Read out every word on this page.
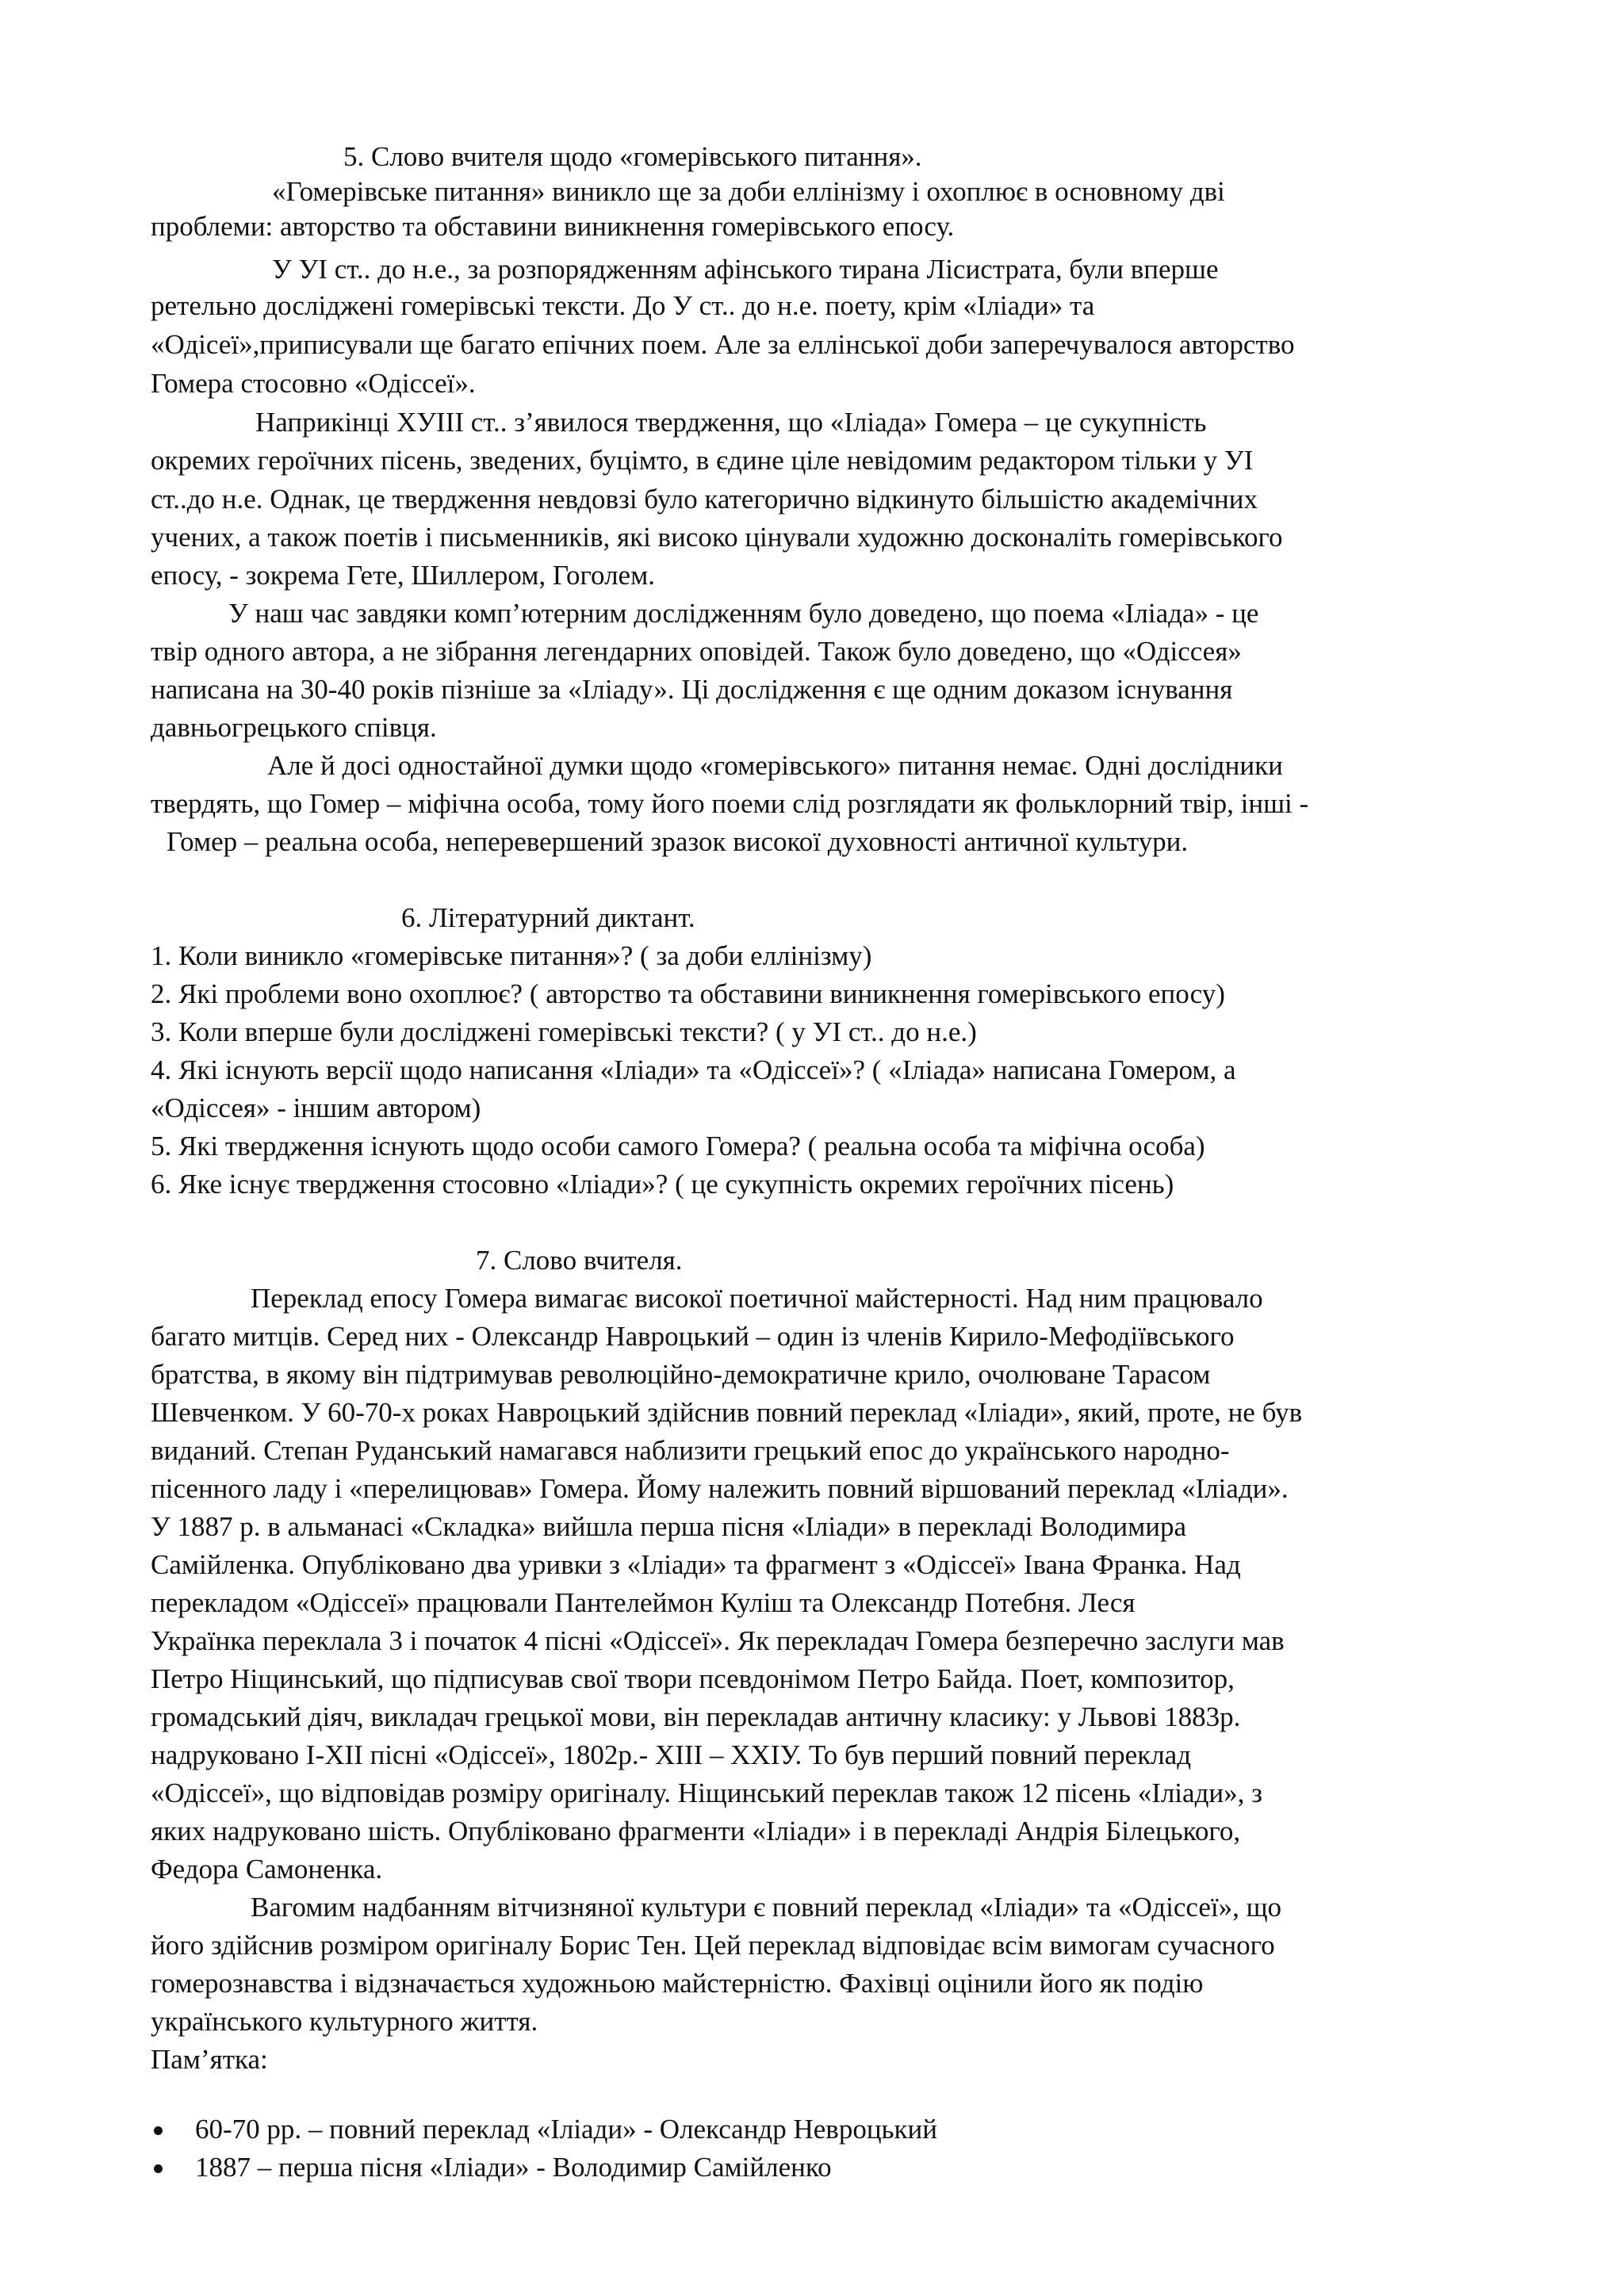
5. Слово вчителя щодо «гомерівського питання».
«Гомерівське питання» виникло ще за доби еллінізму і охоплює в основному дві
проблеми: авторство та обставини виникнення гомерівського епосу.
У УІ ст.. до н.е., за розпорядженням афінського тирана Лісистрата, були вперше
ретельно досліджені гомерівські тексти. До У ст.. до н.е. поету, крім «Іліади» та
«Одісеї»,приписували ще багато епічних поем. Але за еллінської доби заперечувалося авторство
Гомера стосовно «Одіссеї».
Наприкінці ХУІІІ ст.. з’явилося твердження, що «Іліада» Гомера – це сукупність
окремих героїчних пісень, зведених, буцімто, в єдине ціле невідомим редактором тільки у УІ
ст..до н.е. Однак, це твердження невдовзі було категорично відкинуто більшістю академічних
учених, а також поетів і письменників, які високо цінували художню досконаліть гомерівського
епосу, - зокрема Гете, Шиллером, Гоголем.
У наш час завдяки комп’ютерним дослідженням було доведено, що поема «Іліада» - це
твір одного автора, а не зібрання легендарних оповідей. Також було доведено, що «Одіссея»
написана на 30-40 років пізніше за «Іліаду». Ці дослідження є ще одним доказом існування
давньогрецького співця.
Але й досі одностайної думки щодо «гомерівського» питання немає. Одні дослідники
твердять, що Гомер – міфічна особа, тому його поеми слід розглядати як фольклорний твір, інші -
Гомер – реальна особа, неперевершений зразок високої духовності античної культури.
6. Літературний диктант.
1. Коли виникло «гомерівське питання»? ( за доби еллінізму)
2. Які проблеми воно охоплює? ( авторство та обставини виникнення гомерівського епосу)
3. Коли вперше були досліджені гомерівські тексти? ( у УІ ст.. до н.е.)
4. Які існують версії щодо написання «Іліади» та «Одіссеї»? ( «Іліада» написана Гомером, а
«Одіссея» - іншим автором)
5. Які твердження існують щодо особи самого Гомера? ( реальна особа та міфічна особа)
6. Яке існує твердження стосовно «Іліади»? ( це сукупність окремих героїчних пісень)
7. Слово вчителя.
Переклад епосу Гомера вимагає високої поетичної майстерності. Над ним працювало
багато митців. Серед них - Олександр Навроцький – один із членів Кирило-Мефодіївського
братства, в якому він підтримував революційно-демократичне крило, очолюване Тарасом
Шевченком. У 60-70-х роках Навроцький здійснив повний переклад «Іліади», який, проте, не був
виданий. Степан Руданський намагався наблизити грецький епос до українського народно-
пісенного ладу і «перелицював» Гомера. Йому належить повний віршований переклад «Іліади».
У 1887 р. в альманасі «Складка» вийшла перша пісня «Іліади» в перекладі Володимира
Самійленка. Опубліковано два уривки з «Іліади» та фрагмент з «Одіссеї» Івана Франка. Над
перекладом «Одіссеї» працювали Пантелеймон Куліш та Олександр Потебня. Леся
Українка переклала 3 і початок 4 пісні «Одіссеї». Як перекладач Гомера безперечно заслуги мав
Петро Ніщинський, що підписував свої твори псевдонімом Петро Байда. Поет, композитор,
громадський діяч, викладач грецької мови, він перекладав античну класику: у Львові 1883р.
надруковано І-ХІІ пісні «Одіссеї», 1802р.- ХІІІ – ХХІУ. То був перший повний переклад
«Одіссеї», що відповідав розміру оригіналу. Ніщинський переклав також 12 пісень «Іліади», з
яких надруковано шість. Опубліковано фрагменти «Іліади» і в перекладі Андрія Білецького,
Федора Самоненка.
Вагомим надбанням вітчизняної культури є повний переклад «Іліади» та «Одіссеї», що
його здійснив розміром оригіналу Борис Тен. Цей переклад відповідає всім вимогам сучасного
гомерознавства і відзначається художньою майстерністю. Фахівці оцінили його як подію
українського культурного життя.
Пам’ятка:
60-70 рр. – повний переклад «Іліади» - Олександр Невроцький
1887 – перша пісня «Іліади» - Володимир Самійленко
